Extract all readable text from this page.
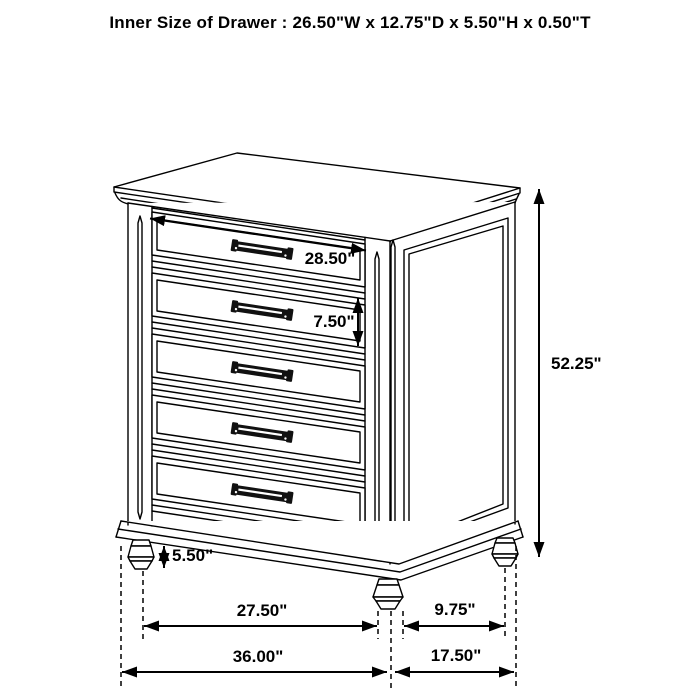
Inner Size of Drawer : 26.50"W x 12.75"D x 5.50"H x 0.50"T
28.50"
7.50"
52.25"
5.50"
27.50"	9.75"
36.00"	17.50"
